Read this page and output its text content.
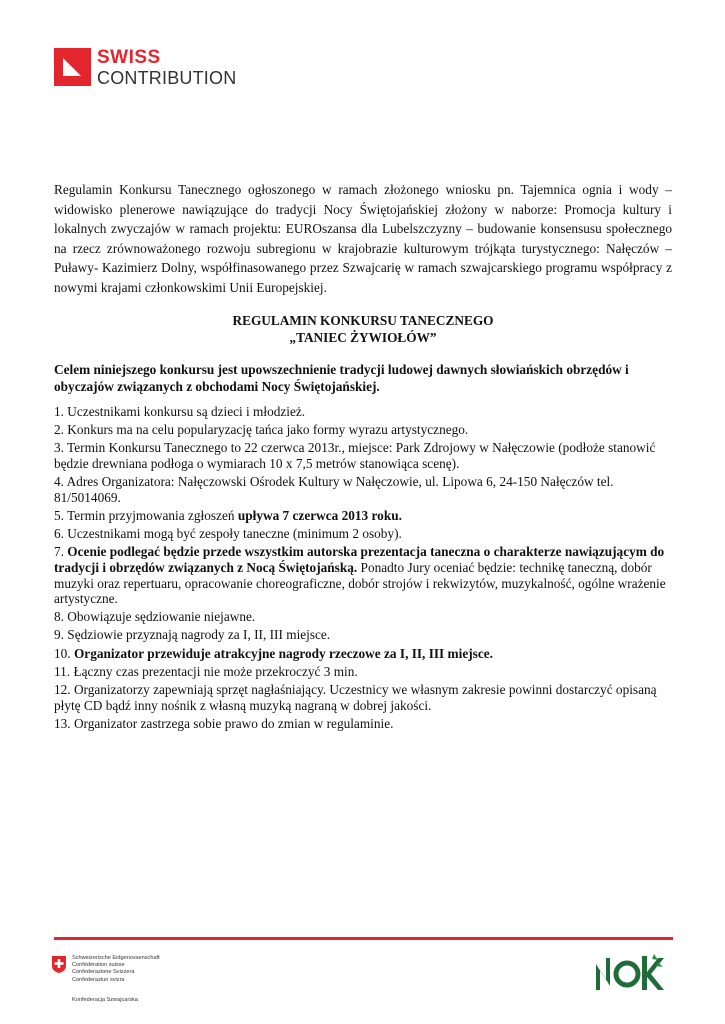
SWISS
CONTRIBUTION
Regulamin Konkursu Tanecznego ogłoszonego w ramach złożonego wniosku pn. Tajemnica ognia i wody – widowisko plenerowe nawiązujące do tradycji Nocy Świętojańskiej złożony w naborze: Promocja kultury i lokalnych zwyczajów w ramach projektu: EUROszansa dla Lubelszczyzny – budowanie konsensusu społecznego na rzecz zrównoważonego rozwoju subregionu w krajobrazie kulturowym trójkąta turystycznego: Nałęczów – Puławy- Kazimierz Dolny, współfinasowanego przez Szwajcarię w ramach szwajcarskiego programu współpracy z nowymi krajami członkowskimi Unii Europejskiej.
REGULAMIN KONKURSU TANECZNEGO
„TANIEC ŻYWIOŁÓW”
Celem niniejszego konkursu jest upowszechnienie tradycji ludowej dawnych słowiańskich obrzędów i obyczajów związanych z obchodami Nocy Świętojańskiej.

1. Uczestnikami konkursu są dzieci i młodzież.

2. Konkurs ma na celu popularyzację tańca jako formy wyrazu artystycznego.

3. Termin Konkursu Tanecznego to 22 czerwca 2013r., miejsce: Park Zdrojowy w Nałęczowie (podłoże stanowić będzie drewniana podłoga o wymiarach 10 x 7,5 metrów stanowiąca scenę).

4. Adres Organizatora: Nałęczowski Ośrodek Kultury w Nałęczowie, ul. Lipowa 6, 24-150 Nałęczów tel. 81/5014069.

5. Termin przyjmowania zgłoszeń upływa 7 czerwca 2013 roku.

6. Uczestnikami mogą być zespoły taneczne (minimum 2 osoby).

7. Ocenie podlegać będzie przede wszystkim autorska prezentacja taneczna o charakterze nawiązującym do tradycji i obrzędów związanych z Nocą Świętojańską. Ponadto Jury oceniać będzie: technikę taneczną, dobór muzyki oraz repertuaru, opracowanie choreograficzne, dobór strojów i rekwizytów, muzykalność, ogólne wrażenie artystyczne.

8. Obowiązuje sędziowanie niejawne.

9. Sędziowie przyznają nagrody za I, II, III miejsce.

10. Organizator przewiduje atrakcyjne nagrody rzeczowe za I, II, III miejsce.

11. Łączny czas prezentacji nie może przekroczyć 3 min.

12. Organizatorzy zapewniają sprzęt nagłaśniający. Uczestnicy we własnym zakresie powinni dostarczyć opisaną płytę CD bądź inny nośnik z własną muzyką nagraną w dobrej jakości.

13. Organizator zastrzega sobie prawo do zmian w regulaminie.

Schweizerische Eidgenossenschaft
Confédération suisse
Confederazione Svizzera
Confederaziun svizra
Konfederacja Szwajcarska
